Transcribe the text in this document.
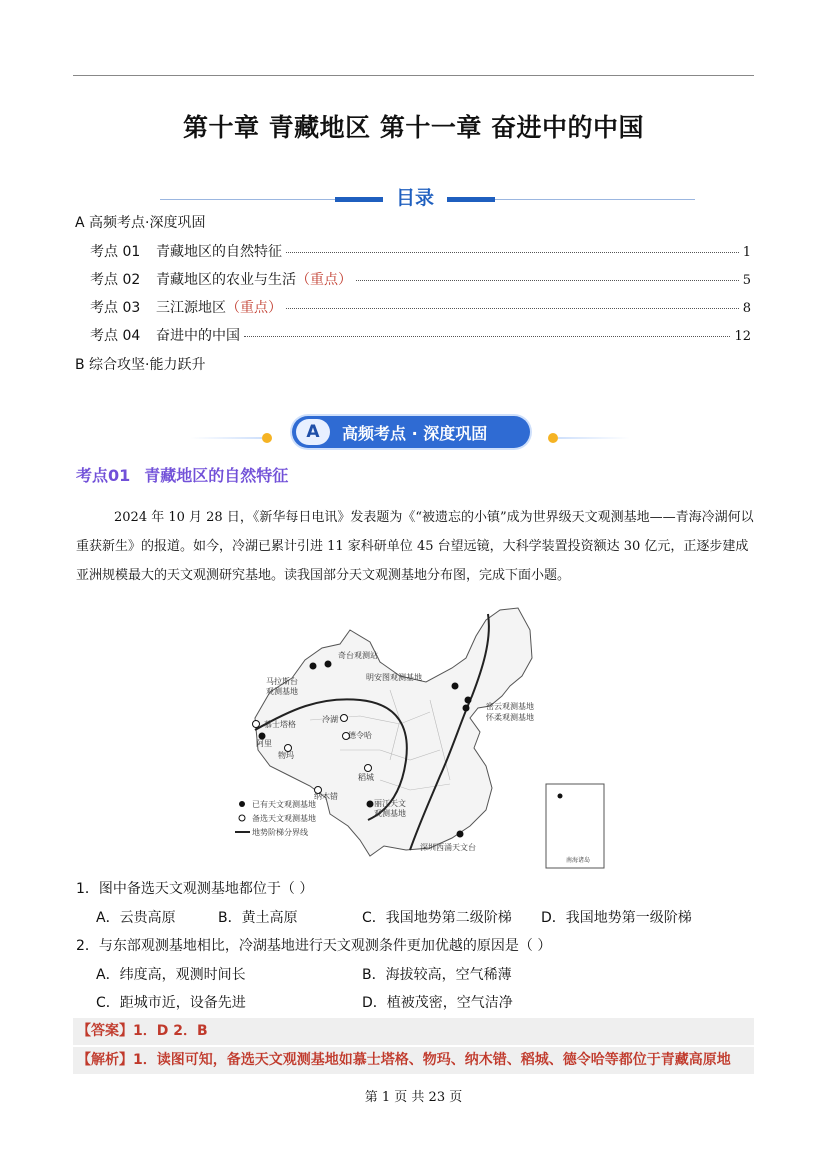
第十章 青藏地区 第十一章 奋进中的中国
目录
A 高频考点·深度巩固
考点 01	青藏地区的自然特征	1
考点 02	青藏地区的农业与生活 （重点）	5
考点 03	三江源地区 （重点）	8
考点 04	奋进中的中国	12
B 综合攻坚·能力跃升
A	高频考点 · 深度巩固
考点01 青藏地区的自然特征
2024 年 10 月 28 日，《新华每日电讯》发表题为《“被遗忘的小镇”成为世界级天文观测基地——青海冷湖何以重获新生》的报道。如今，冷湖已累计引进 11 家科研单位 45 台望远镜，大科学装置投资额达 30 亿元，正逐步建成亚洲规模最大的天文观测研究基地。读我国部分天文观测基地分布图，完成下面小题。
奇台观测站
马拉斯台
观测基地
明安图观测基地
密云观测基地
怀柔观测基地
慕士塔格
冷湖
德令哈
阿里
物玛
纳木错
稻城
丽江天文
观测基地
深圳西涌天文台
已有天文观测基地
备选天文观测基地
地势阶梯分界线
南海诸岛
1．图中备选天文观测基地都位于（ ）
A．云贵高原	B．黄土高原	C．我国地势第二级阶梯 D．我国地势第一级阶梯
2．与东部观测基地相比，冷湖基地进行天文观测条件更加优越的原因是（ ）
A．纬度高，观测时间长	B．海拔较高，空气稀薄
C．距城市近，设备先进	D．植被茂密，空气洁净
【答案】1．D 2．B
【解析】1．读图可知，备选天文观测基地如慕士塔格、物玛、纳木错、稻城、德令哈等都位于青藏高原地
第 1 页 共 23 页
